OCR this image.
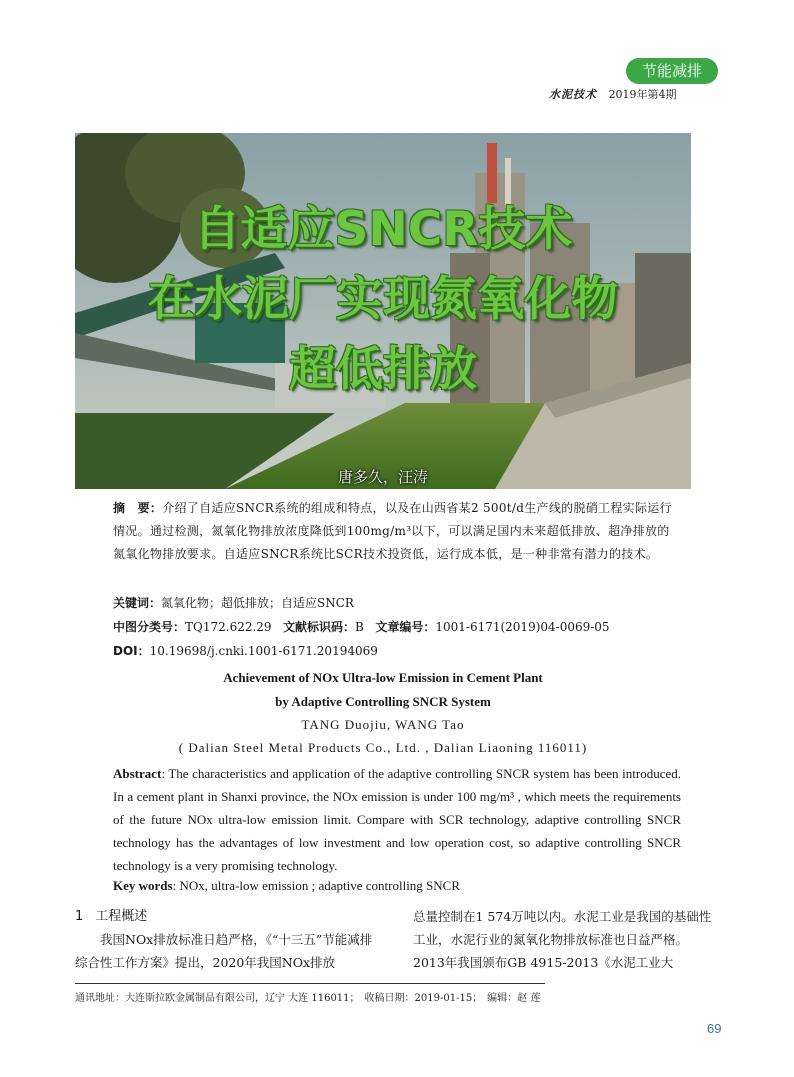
节能减排
水泥技术 2019年第4期
自适应SNCR技术
在水泥厂实现氮氧化物
超低排放
唐多久，汪涛
摘　要：介绍了自适应SNCR系统的组成和特点，以及在山西省某2 500t/d生产线的脱硝工程实际运行情况。通过检测，氮氧化物排放浓度降低到100mg/m³以下，可以满足国内未来超低排放、超净排放的氮氧化物排放要求。自适应SNCR系统比SCR技术投资低，运行成本低，是一种非常有潜力的技术。
关键词：氮氧化物；超低排放；自适应SNCR
中图分类号：TQ172.622.29 文献标识码：B 文章编号：1001-6171(2019)04-0069-05
DOI：10.19698/j.cnki.1001-6171.20194069
Achievement of NOx Ultra-low Emission in Cement Plant
by Adaptive Controlling SNCR System
TANG Duojiu, WANG Tao
( Dalian Steel Metal Products Co., Ltd. , Dalian Liaoning 116011)
Abstract: The characteristics and application of the adaptive controlling SNCR system has been introduced. In a cement plant in Shanxi province, the NOx emission is under 100 mg/m³ , which meets the requirements of the future NOx ultra-low emission limit. Compare with SCR technology, adaptive controlling SNCR technology has the advantages of low investment and low operation cost, so adaptive controlling SNCR technology is a very promising technology.
Key words: NOx, ultra-low emission ; adaptive controlling SNCR
1 工程概述
我国NOx排放标准日趋严格，《“十三五”节能减排综合性工作方案》提出，2020年我国NOx排放
总量控制在1 574万吨以内。水泥工业是我国的基础性工业，水泥行业的氮氧化物排放标准也日益严格。2013年我国颁布GB 4915-2013《水泥工业大
通讯地址：大连斯拉欧金属制品有限公司，辽宁 大连 116011；　收稿日期：2019-01-15；　编辑：赵 莲
69
